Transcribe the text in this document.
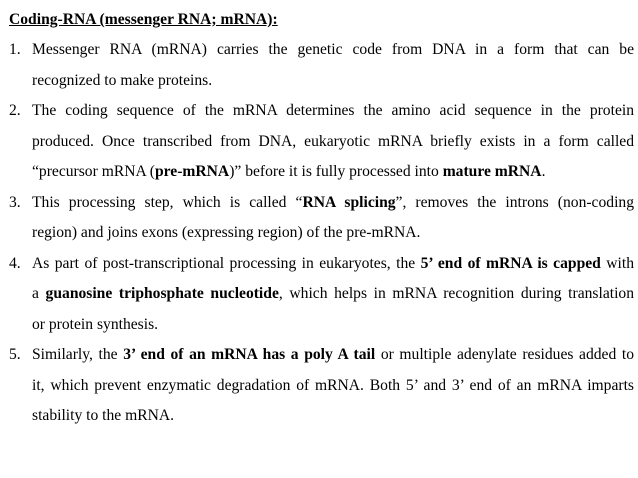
Coding-RNA (messenger RNA; mRNA):
1. Messenger RNA (mRNA) carries the genetic code from DNA in a form that can be
recognized to make proteins.
2. The coding sequence of the mRNA determines the amino acid sequence in the protein
produced. Once transcribed from DNA, eukaryotic mRNA briefly exists in a form called
“precursor mRNA (pre-mRNA)” before it is fully processed into mature mRNA.
3. This processing step, which is called “RNA splicing”, removes the introns (non-coding
region) and joins exons (expressing region) of the pre-mRNA.
4. As part of post-transcriptional processing in eukaryotes, the 5’ end of mRNA is capped with
a guanosine triphosphate nucleotide, which helps in mRNA recognition during translation
or protein synthesis.
5. Similarly, the 3’ end of an mRNA has a poly A tail or multiple adenylate residues added to
it, which prevent enzymatic degradation of mRNA. Both 5’ and 3’ end of an mRNA imparts
stability to the mRNA.
